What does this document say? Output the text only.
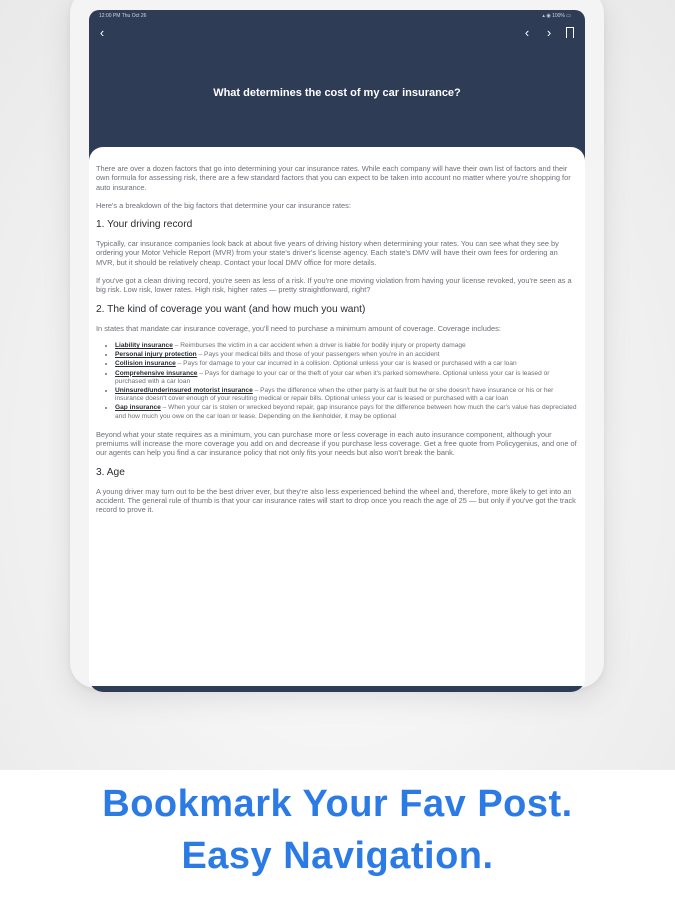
12:00 PM Thu Oct 26	▴ ◉ 100% ▭
‹	‹	›
What determines the cost of my car insurance?

There are over a dozen factors that go into determining your car insurance rates. While each company will have their own list of factors and their own formula for assessing risk, there are a few standard factors that you can expect to be taken into account no matter where you're shopping for auto insurance.

Here's a breakdown of the big factors that determine your car insurance rates:

1. Your driving record

Typically, car insurance companies look back at about five years of driving history when determining your rates. You can see what they see by ordering your Motor Vehicle Report (MVR) from your state's driver's license agency. Each state's DMV will have their own fees for ordering an MVR, but it should be relatively cheap. Contact your local DMV office for more details.

If you've got a clean driving record, you're seen as less of a risk. If you're one moving violation from having your license revoked, you're seen as a big risk. Low risk, lower rates. High risk, higher rates — pretty straightforward, right?

2. The kind of coverage you want (and how much you want)

In states that mandate car insurance coverage, you'll need to purchase a minimum amount of coverage. Coverage includes:

• Liability insurance – Reimburses the victim in a car accident when a driver is liable for bodily injury or property damage
• Personal injury protection – Pays your medical bills and those of your passengers when you're in an accident
• Collision insurance – Pays for damage to your car incurred in a collision. Optional unless your car is leased or purchased with a car loan
• Comprehensive insurance – Pays for damage to your car or the theft of your car when it's parked somewhere. Optional unless your car is leased or purchased with a car loan
• Uninsured/underinsured motorist insurance – Pays the difference when the other party is at fault but he or she doesn't have insurance or his or her insurance doesn't cover enough of your resulting medical or repair bills. Optional unless your car is leased or purchased with a car loan
• Gap insurance – When your car is stolen or wrecked beyond repair, gap insurance pays for the difference between how much the car's value has depreciated and how much you owe on the car loan or lease. Depending on the lienholder, it may be optional

Beyond what your state requires as a minimum, you can purchase more or less coverage in each auto insurance component, although your premiums will increase the more coverage you add on and decrease if you purchase less coverage. Get a free quote from Policygenius, and one of our agents can help you find a car insurance policy that not only fits your needs but also won't break the bank.

3. Age

A young driver may turn out to be the best driver ever, but they're also less experienced behind the wheel and, therefore, more likely to get into an accident. The general rule of thumb is that your car insurance rates will start to drop once you reach the age of 25 — but only if you've got the track record to prove it.

Bookmark Your Fav Post.
Easy Navigation.
